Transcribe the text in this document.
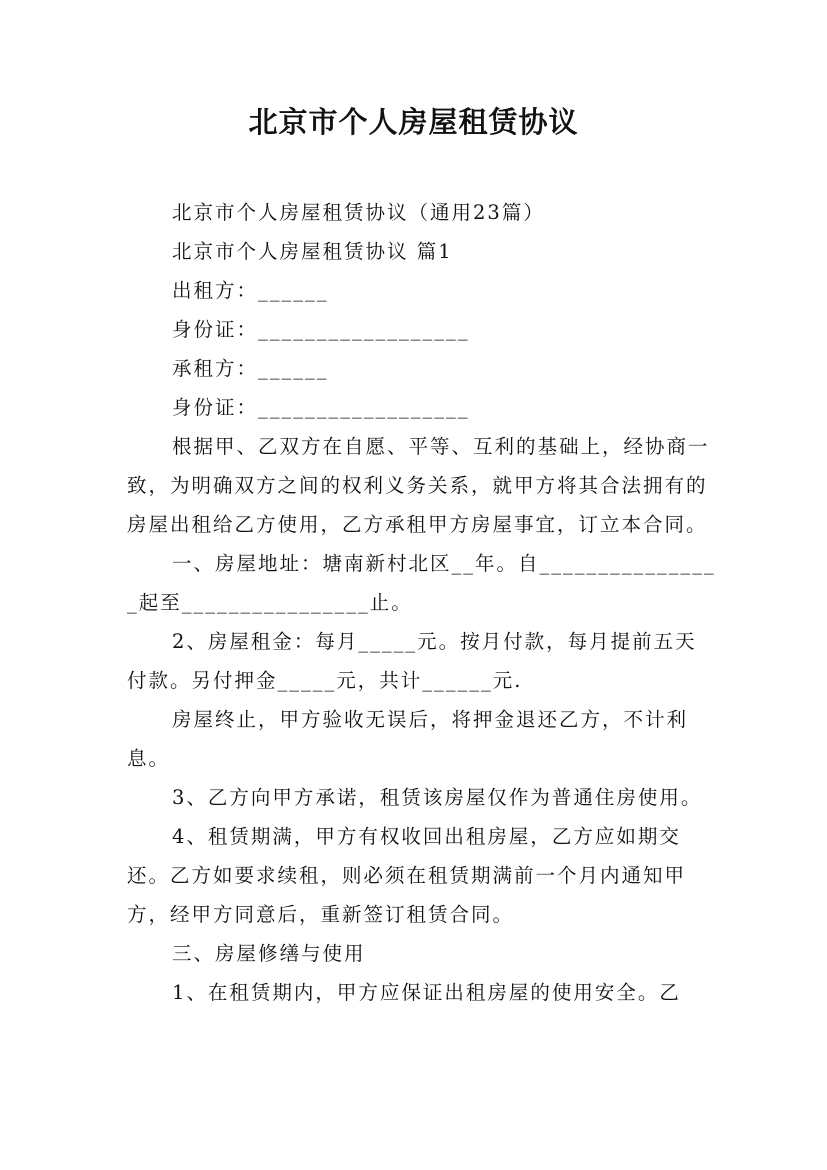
北京市个人房屋租赁协议

北京市个人房屋租赁协议（通用23篇）

北京市个人房屋租赁协议 篇1

出租方：______

身份证：__________________

承租方：______

身份证：__________________

根据甲、乙双方在自愿、平等、互利的基础上，经协商一致，为明确双方之间的权利义务关系，就甲方将其合法拥有的房屋出租给乙方使用，乙方承租甲方房屋事宜，订立本合同。

一、房屋地址：塘南新村北区__年。自________________起至________________止。

2、房屋租金：每月_____元。按月付款，每月提前五天付款。另付押金_____元，共计______元.

房屋终止，甲方验收无误后，将押金退还乙方，不计利息。

3、乙方向甲方承诺，租赁该房屋仅作为普通住房使用。

4、租赁期满，甲方有权收回出租房屋，乙方应如期交还。乙方如要求续租，则必须在租赁期满前一个月内通知甲方，经甲方同意后，重新签订租赁合同。

三、房屋修缮与使用

1、在租赁期内，甲方应保证出租房屋的使用安全。乙
